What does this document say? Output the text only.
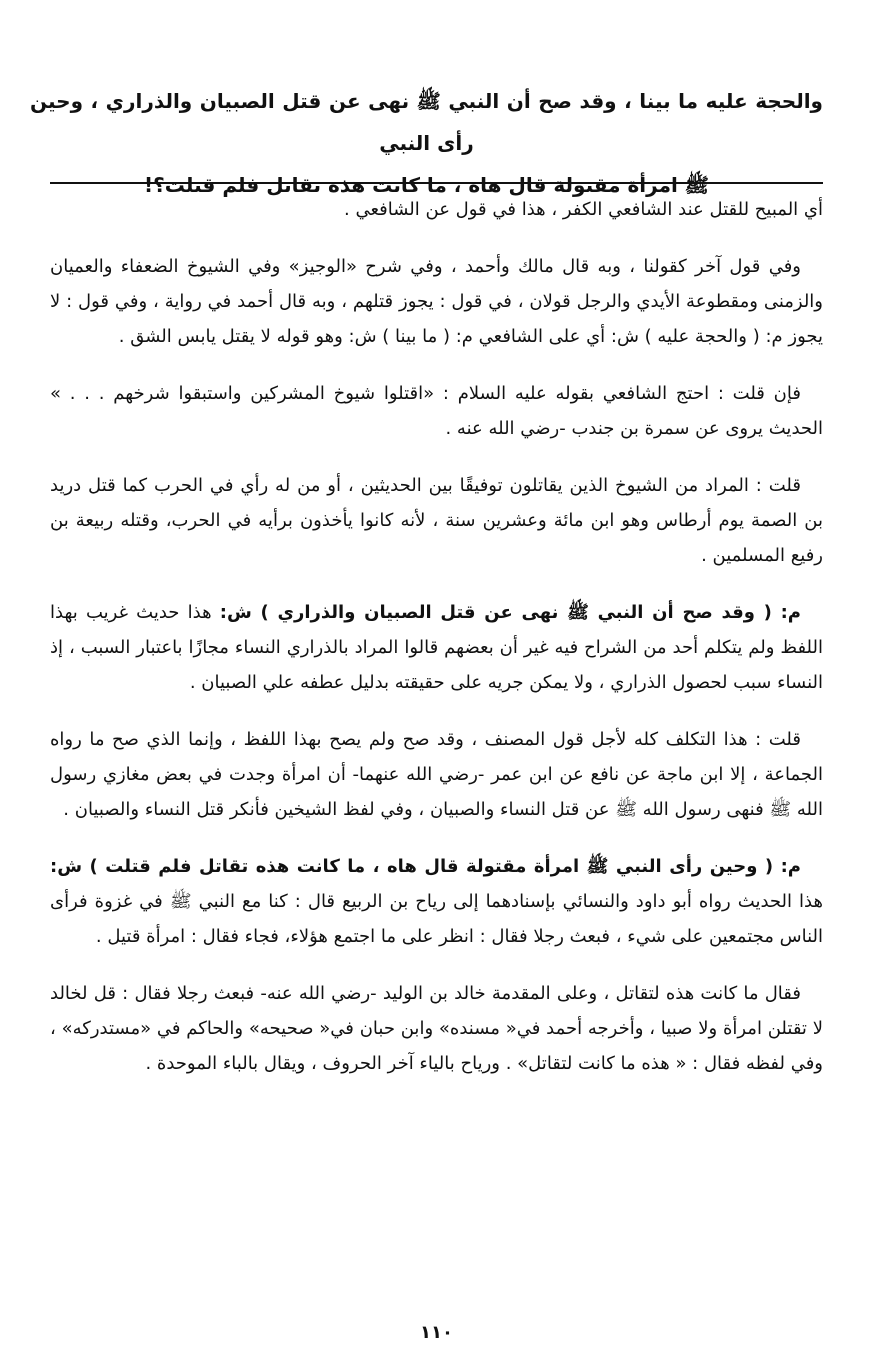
والحجة عليه ما بينا ، وقد صح أن النبي ﷺ نهى عن قتل الصبيان والذراري ، وحين رأى النبي
ﷺ امرأة مقتولة قال هاه ، ما كانت هذه تقاتل فلم قتلت؟!

أي المبيح للقتل عند الشافعي الكفر ، هذا في قول عن الشافعي .

وفي قول آخر كقولنا ، وبه قال مالك وأحمد ، وفي شرح «الوجيز» وفي الشيوخ الضعفاء والعميان والزمنى ومقطوعة الأيدي والرجل قولان ، في قول : يجوز قتلهم ، وبه قال أحمد في رواية ، وفي قول : لا يجوز م: ( والحجة عليه ) ش: أي على الشافعي م: ( ما بينا ) ش: وهو قوله لا يقتل يابس الشق .

فإن قلت : احتج الشافعي بقوله عليه السلام : «اقتلوا شيوخ المشركين واستبقوا شرخهم . . . » الحديث يروى عن سمرة بن جندب -رضي الله عنه .

قلت : المراد من الشيوخ الذين يقاتلون توفيقًا بين الحديثين ، أو من له رأي في الحرب كما قتل دريد بن الصمة يوم أرطاس وهو ابن مائة وعشرين سنة ، لأنه كانوا يأخذون برأيه في الحرب، وقتله ربيعة بن رفيع المسلمين .

م: ( وقد صح أن النبي ﷺ نهى عن قتل الصبيان والذراري ) ش: هذا حديث غريب بهذا اللفظ ولم يتكلم أحد من الشراح فيه غير أن بعضهم قالوا المراد بالذراري النساء مجازًا باعتبار السبب ، إذ النساء سبب لحصول الذراري ، ولا يمكن جريه على حقيقته بدليل عطفه علي الصبيان .

قلت : هذا التكلف كله لأجل قول المصنف ، وقد صح ولم يصح بهذا اللفظ ، وإنما الذي صح ما رواه الجماعة ، إلا ابن ماجة عن نافع عن ابن عمر -رضي الله عنهما- أن امرأة وجدت في بعض مغازي رسول الله ﷺ فنهى رسول الله ﷺ عن قتل النساء والصبيان ، وفي لفظ الشيخين فأنكر قتل النساء والصبيان .

م: ( وحين رأى النبي ﷺ امرأة مقتولة قال هاه ، ما كانت هذه تقاتل فلم قتلت ) ش: هذا الحديث رواه أبو داود والنسائي بإسنادهما إلى رياح بن الربيع قال : كنا مع النبي ﷺ في غزوة فرأى الناس مجتمعين على شيء ، فبعث رجلا فقال : انظر على ما اجتمع هؤلاء، فجاء فقال : امرأة قتيل .

فقال ما كانت هذه لتقاتل ، وعلى المقدمة خالد بن الوليد -رضي الله عنه- فبعث رجلا فقال : قل لخالد لا تقتلن امرأة ولا صبيا ، وأخرجه أحمد في« مسنده» وابن حبان في« صحيحه» والحاكم في «مستدركه» ، وفي لفظه فقال : « هذه ما كانت لتقاتل» . ورياح بالياء آخر الحروف ، ويقال بالباء الموحدة .

١١٠
